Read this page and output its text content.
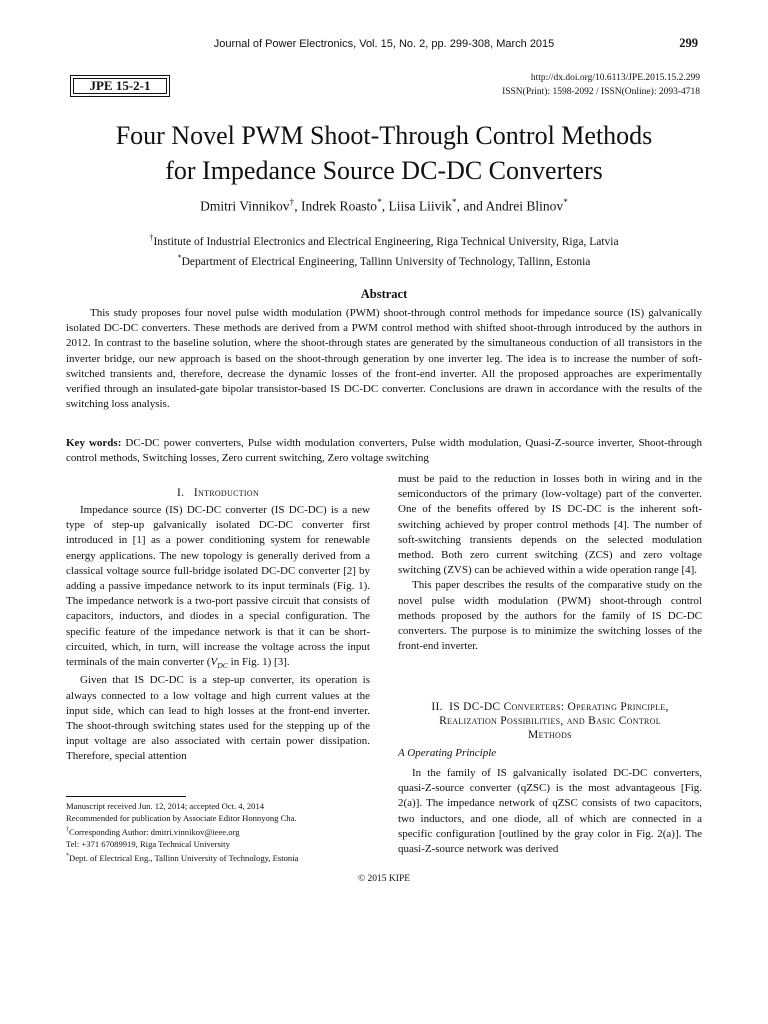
Journal of Power Electronics, Vol. 15, No. 2, pp. 299-308, March 2015	299
JPE 15-2-1	http://dx.doi.org/10.6113/JPE.2015.15.2.299
ISSN(Print): 1598-2092 / ISSN(Online): 2093-4718
Four Novel PWM Shoot-Through Control Methods
for Impedance Source DC-DC Converters
Dmitri Vinnikov†, Indrek Roasto*, Liisa Liivik*, and Andrei Blinov*
†Institute of Industrial Electronics and Electrical Engineering, Riga Technical University, Riga, Latvia
*Department of Electrical Engineering, Tallinn University of Technology, Tallinn, Estonia
Abstract
This study proposes four novel pulse width modulation (PWM) shoot-through control methods for impedance source (IS) galvanically isolated DC-DC converters. These methods are derived from a PWM control method with shifted shoot-through introduced by the authors in 2012. In contrast to the baseline solution, where the shoot-through states are generated by the simultaneous conduction of all transistors in the inverter bridge, our new approach is based on the shoot-through generation by one inverter leg. The idea is to increase the number of soft-switched transients and, therefore, decrease the dynamic losses of the front-end inverter. All the proposed approaches are experimentally verified through an insulated-gate bipolar transistor-based IS DC-DC converter. Conclusions are drawn in accordance with the results of the switching loss analysis.
Key words: DC-DC power converters, Pulse width modulation converters, Pulse width modulation, Quasi-Z-source inverter, Shoot-through control methods, Switching losses, Zero current switching, Zero voltage switching
I. Introduction

Impedance source (IS) DC-DC converter (IS DC-DC) is a new type of step-up galvanically isolated DC-DC converter first introduced in [1] as a power conditioning system for renewable energy applications. The new topology is generally derived from a classical voltage source full-bridge isolated DC-DC converter [2] by adding a passive impedance network to its input terminals (Fig. 1). The impedance network is a two-port passive circuit that consists of capacitors, inductors, and diodes in a special configuration. The specific feature of the impedance network is that it can be short-circuited, which, in turn, will increase the voltage across the input terminals of the main converter ($V_{DC}$ in Fig. 1) [3].

Given that IS DC-DC is a step-up converter, its operation is always connected to a low voltage and high current values at the input side, which can lead to high losses at the front-end inverter. The shoot-through switching states used for the stepping up of the input voltage are also associated with certain power dissipation. Therefore, special attention

must be paid to the reduction in losses both in wiring and in the semiconductors of the primary (low-voltage) part of the converter. One of the benefits offered by IS DC-DC is the inherent soft-switching achieved by proper control methods [4]. The number of soft-switching transients depends on the selected modulation method. Both zero current switching (ZCS) and zero voltage switching (ZVS) can be achieved within a wide operation range [4].

This paper describes the results of the comparative study on the novel pulse width modulation (PWM) shoot-through control methods proposed by the authors for the family of IS DC-DC converters. The purpose is to minimize the switching losses of the front-end inverter.

II. IS DC-DC Converters: Operating Principle,
Realization Possibilities, and Basic Control
Methods
A Operating Principle

In the family of IS galvanically isolated DC-DC converters, quasi-Z-source converter (qZSC) is the most advantageous [Fig. 2(a)]. The impedance network of qZSC consists of two capacitors, two inductors, and one diode, all of which are connected in a specific configuration [outlined by the gray color in Fig. 2(a)]. The quasi-Z-source network was derived

Manuscript received Jun. 12, 2014; accepted Oct. 4, 2014
Recommended for publication by Associate Editor Honnyong Cha.
†Corresponding Author: dmitri.vinnikov@ieee.org
Tel: +371 67089919, Riga Technical University
*Dept. of Electrical Eng., Tallinn University of Technology, Estonia
© 2015 KIPE
